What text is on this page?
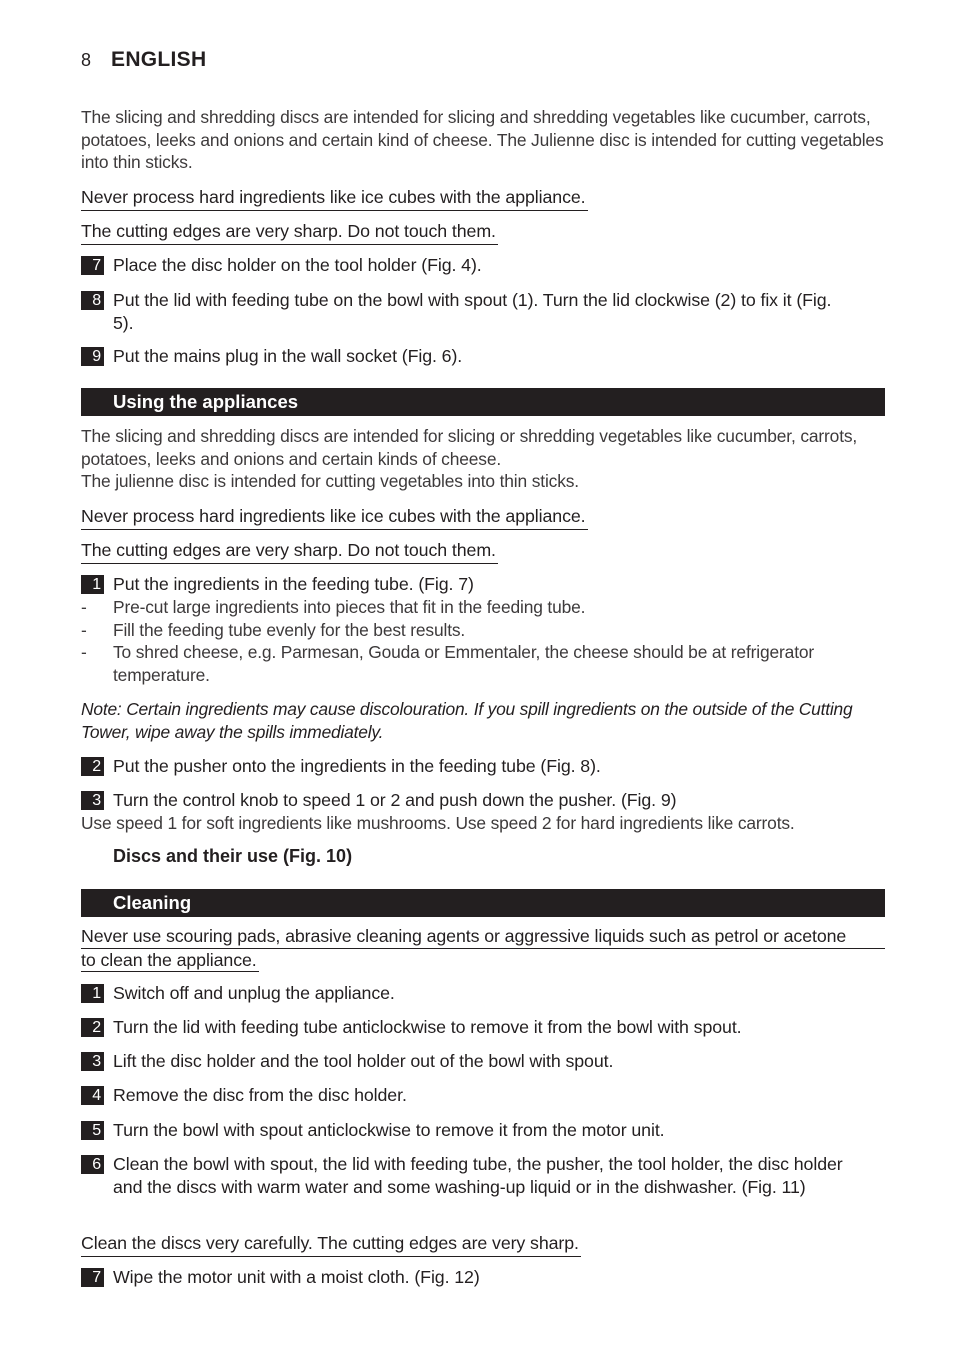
8 ENGLISH
The slicing and shredding discs are intended for slicing and shredding vegetables like cucumber, carrots, potatoes, leeks and onions and certain kind of cheese. The Julienne disc is intended for cutting vegetables into thin sticks.
Never process hard ingredients like ice cubes with the appliance.
The cutting edges are very sharp. Do not touch them.
7 Place the disc holder on the tool holder (Fig. 4).
8 Put the lid with feeding tube on the bowl with spout (1). Turn the lid clockwise (2) to fix it (Fig. 5).
9 Put the mains plug in the wall socket (Fig. 6).
Using the appliances
The slicing and shredding discs are intended for slicing or shredding vegetables like cucumber, carrots, potatoes, leeks and onions and certain kinds of cheese.
The julienne disc is intended for cutting vegetables into thin sticks.
Never process hard ingredients like ice cubes with the appliance.
The cutting edges are very sharp. Do not touch them.
1 Put the ingredients in the feeding tube. (Fig. 7)
-	Pre-cut large ingredients into pieces that fit in the feeding tube.
-	Fill the feeding tube evenly for the best results.
-	To shred cheese, e.g. Parmesan, Gouda or Emmentaler, the cheese should be at refrigerator temperature.
Note: Certain ingredients may cause discolouration. If you spill ingredients on the outside of the Cutting Tower, wipe away the spills immediately.
2 Put the pusher onto the ingredients in the feeding tube (Fig. 8).
3 Turn the control knob to speed 1 or 2 and push down the pusher. (Fig. 9)
Use speed 1 for soft ingredients like mushrooms. Use speed 2 for hard ingredients like carrots.
Discs and their use (Fig. 10)
Cleaning
Never use scouring pads, abrasive cleaning agents or aggressive liquids such as petrol or acetone
to clean the appliance.
1 Switch off and unplug the appliance.
2 Turn the lid with feeding tube anticlockwise to remove it from the bowl with spout.
3 Lift the disc holder and the tool holder out of the bowl with spout.
4 Remove the disc from the disc holder.
5 Turn the bowl with spout anticlockwise to remove it from the motor unit.
6 Clean the bowl with spout, the lid with feeding tube, the pusher, the tool holder, the disc holder and the discs with warm water and some washing-up liquid or in the dishwasher. (Fig. 11)
Clean the discs very carefully. The cutting edges are very sharp.
7 Wipe the motor unit with a moist cloth. (Fig. 12)
